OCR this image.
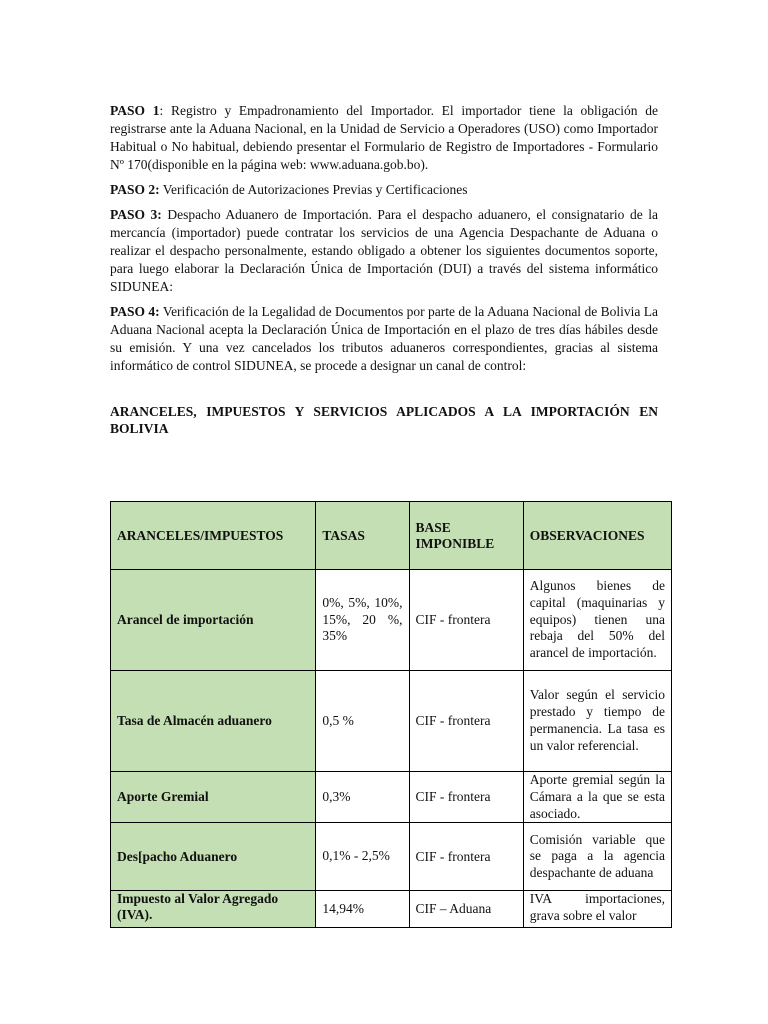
PASO 1: Registro y Empadronamiento del Importador. El importador tiene la obligación de registrarse ante la Aduana Nacional, en la Unidad de Servicio a Operadores (USO) como Importador Habitual o No habitual, debiendo presentar el Formulario de Registro de Importadores - Formulario Nº 170(disponible en la página web: www.aduana.gob.bo).

PASO 2: Verificación de Autorizaciones Previas y Certificaciones

PASO 3: Despacho Aduanero de Importación. Para el despacho aduanero, el consignatario de la mercancía (importador) puede contratar los servicios de una Agencia Despachante de Aduana o realizar el despacho personalmente, estando obligado a obtener los siguientes documentos soporte, para luego elaborar la Declaración Única de Importación (DUI) a través del sistema informático SIDUNEA:

PASO 4: Verificación de la Legalidad de Documentos por parte de la Aduana Nacional de Bolivia La Aduana Nacional acepta la Declaración Única de Importación en el plazo de tres días hábiles desde su emisión. Y una vez cancelados los tributos aduaneros correspondientes, gracias al sistema informático de control SIDUNEA, se procede a designar un canal de control:

ARANCELES, IMPUESTOS Y SERVICIOS APLICADOS A LA IMPORTACIÓN EN BOLIVIA

ARANCELES/IMPUESTOS	TASAS	BASE IMPONIBLE	OBSERVACIONES
Arancel de importación	0%, 5%, 10%, 15%, 20 %, 35%	CIF - frontera	Algunos bienes de capital (maquinarias y equipos) tienen una rebaja del 50% del arancel de importación.
Tasa de Almacén aduanero	0,5 %	CIF - frontera	Valor según el servicio prestado y tiempo de permanencia. La tasa es un valor referencial.
Aporte Gremial	0,3%	CIF - frontera	Aporte gremial según la Cámara a la que se esta asociado.
Des[pacho Aduanero	0,1% - 2,5%	CIF - frontera	Comisión variable que se paga a la agencia despachante de aduana
Impuesto al Valor Agregado (IVA).	14,94%	CIF – Aduana	IVA importaciones, grava sobre el valor
